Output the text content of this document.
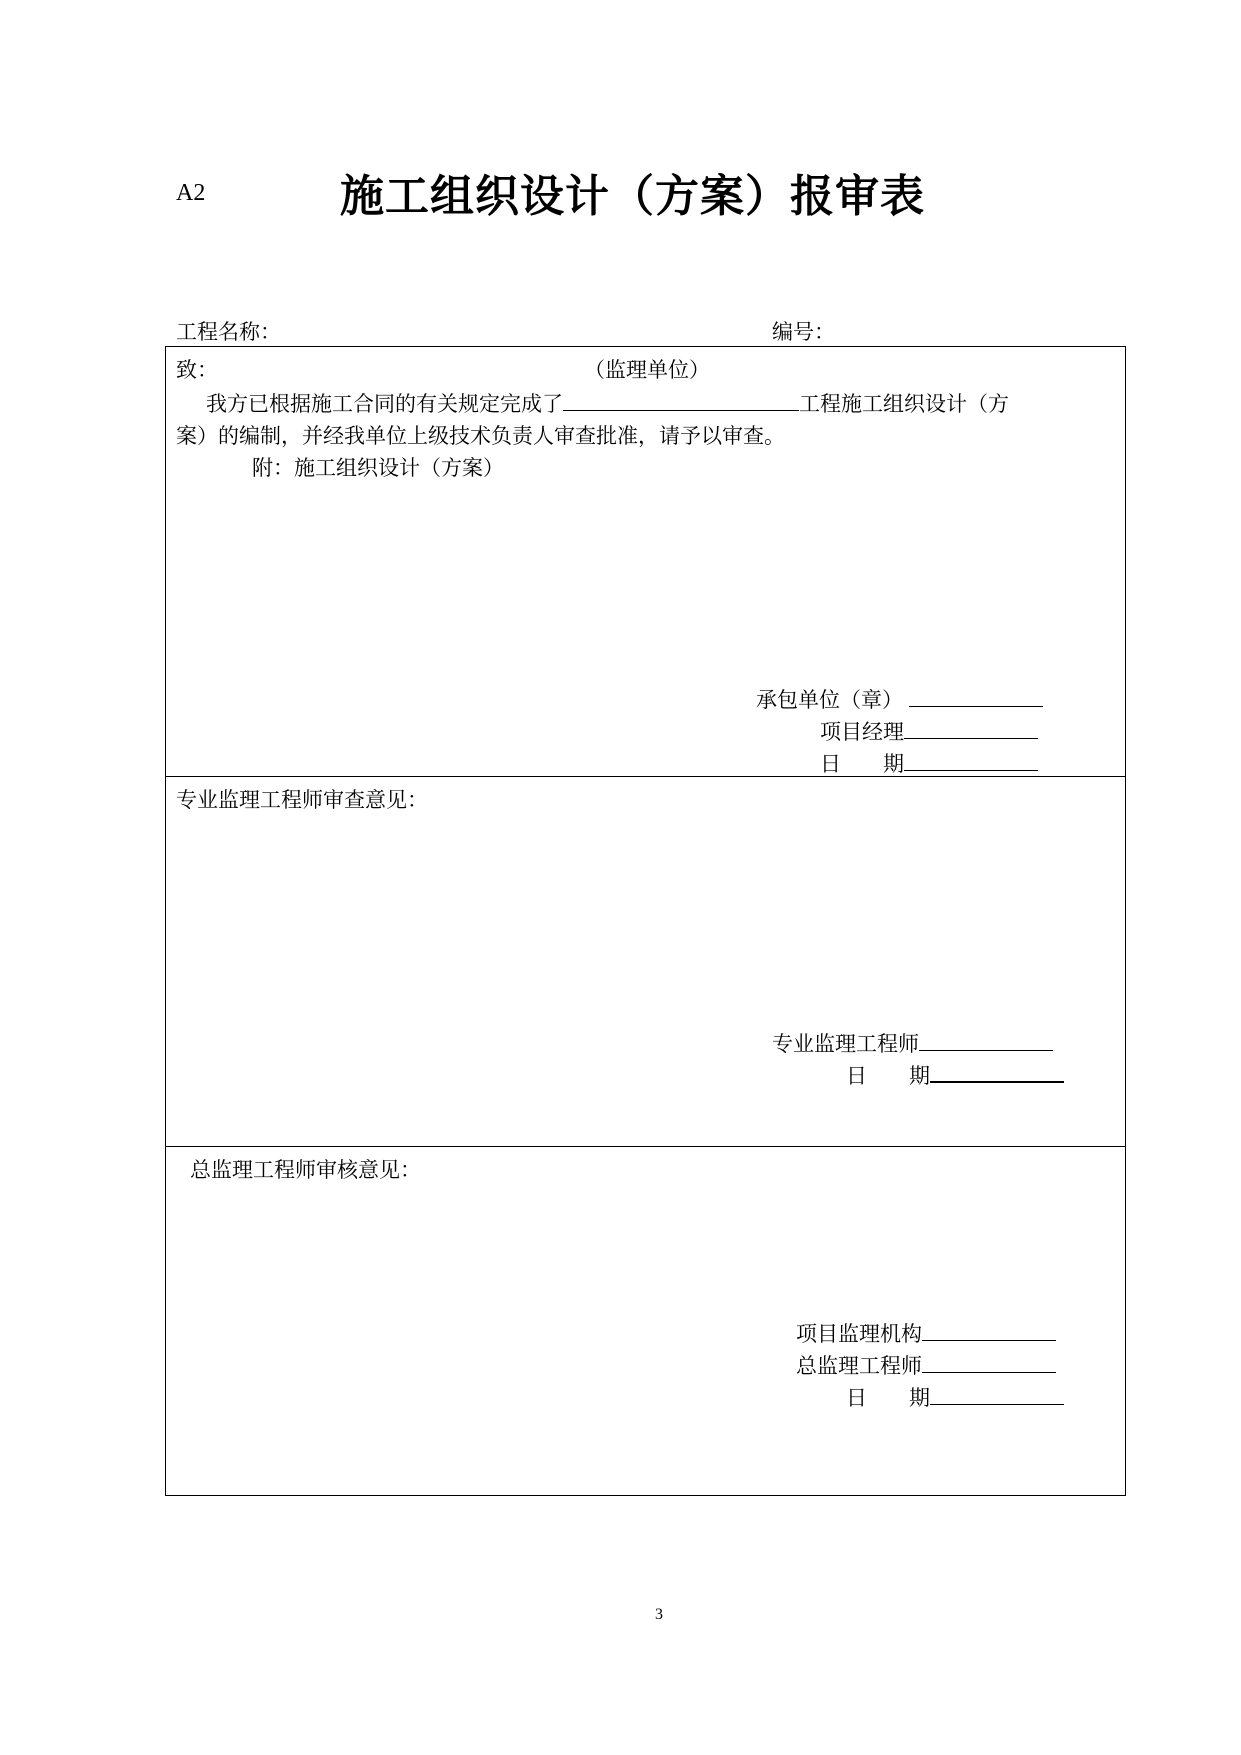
A2	施工组织设计（方案）报审表
工程名称：	编号：
致：	（监理单位）
我方已根据施工合同的有关规定完成了	工程施工组织设计（方
案）的编制，并经我单位上级技术负责人审查批准，请予以审查。
附：施工组织设计（方案）
承包单位（章）
项目经理
日　　期
专业监理工程师审查意见：
专业监理工程师
日　　期
总监理工程师审核意见：
项目监理机构
总监理工程师
日　　期
3
